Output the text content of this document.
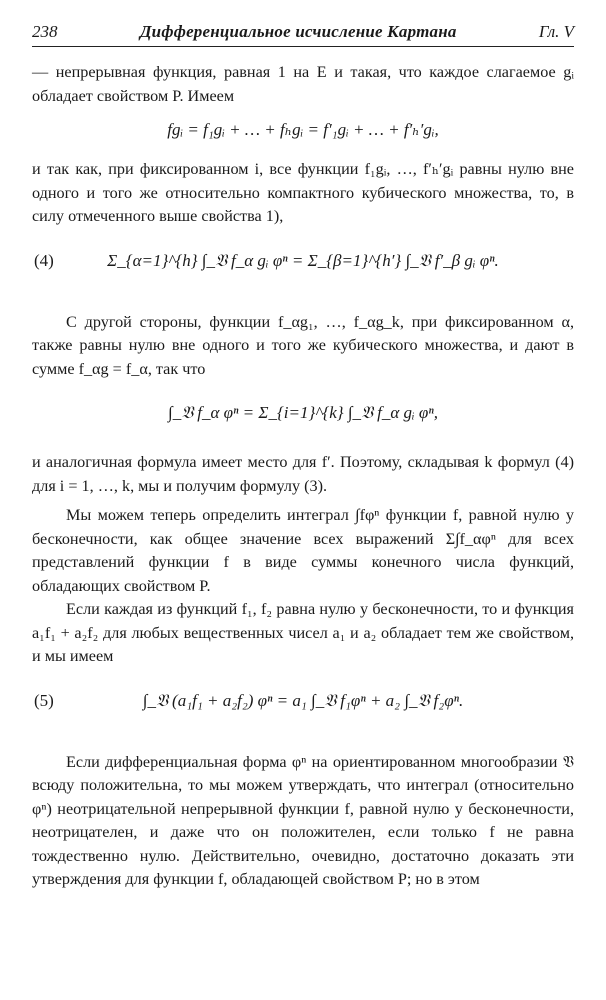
238	Дифференциальное исчисление Картана	Гл. V

— непрерывная функция, равная 1 на E и такая, что каждое слагаемое gᵢ обладает свойством P. Имеем

fgᵢ = f₁gᵢ + … + fₕgᵢ = f′₁gᵢ + … + f′ₕ′gᵢ,

и так как, при фиксированном i, все функции f₁gᵢ, …, f′ₕ′gᵢ равны нулю вне одного и того же относительно компактного кубического множества, то, в силу отмеченного выше свойства 1),

(4)	Σ_{α=1}^{h} ∫_𝔙 f_α gᵢ φⁿ = Σ_{β=1}^{h′} ∫_𝔙 f′_β gᵢ φⁿ.

С другой стороны, функции f_αg₁, …, f_αg_k, при фиксированном α, также равны нулю вне одного и того же кубического множества, и дают в сумме f_αg = f_α, так что

∫_𝔙 f_α φⁿ = Σ_{i=1}^{k} ∫_𝔙 f_α gᵢ φⁿ,

и аналогичная формула имеет место для f′. Поэтому, складывая k формул (4) для i = 1, …, k, мы и получим формулу (3).

Мы можем теперь определить интеграл ∫fφⁿ функции f, равной нулю у бесконечности, как общее значение всех выражений Σ∫f_αφⁿ для всех представлений функции f в виде суммы конечного числа функций, обладающих свойством P.

Если каждая из функций f₁, f₂ равна нулю у бесконечности, то и функция a₁f₁ + a₂f₂ для любых вещественных чисел a₁ и a₂ обладает тем же свойством, и мы имеем

(5)	∫_𝔙 (a₁f₁ + a₂f₂) φⁿ = a₁ ∫_𝔙 f₁φⁿ + a₂ ∫_𝔙 f₂φⁿ.

Если дифференциальная форма φⁿ на ориентированном многообразии 𝔙 всюду положительна, то мы можем утверждать, что интеграл (относительно φⁿ) неотрицательной непрерывной функции f, равной нулю у бесконечности, неотрицателен, и даже что он положителен, если только f не равна тождественно нулю. Действительно, очевидно, достаточно доказать эти утверждения для функции f, обладающей свойством P; но в этом
